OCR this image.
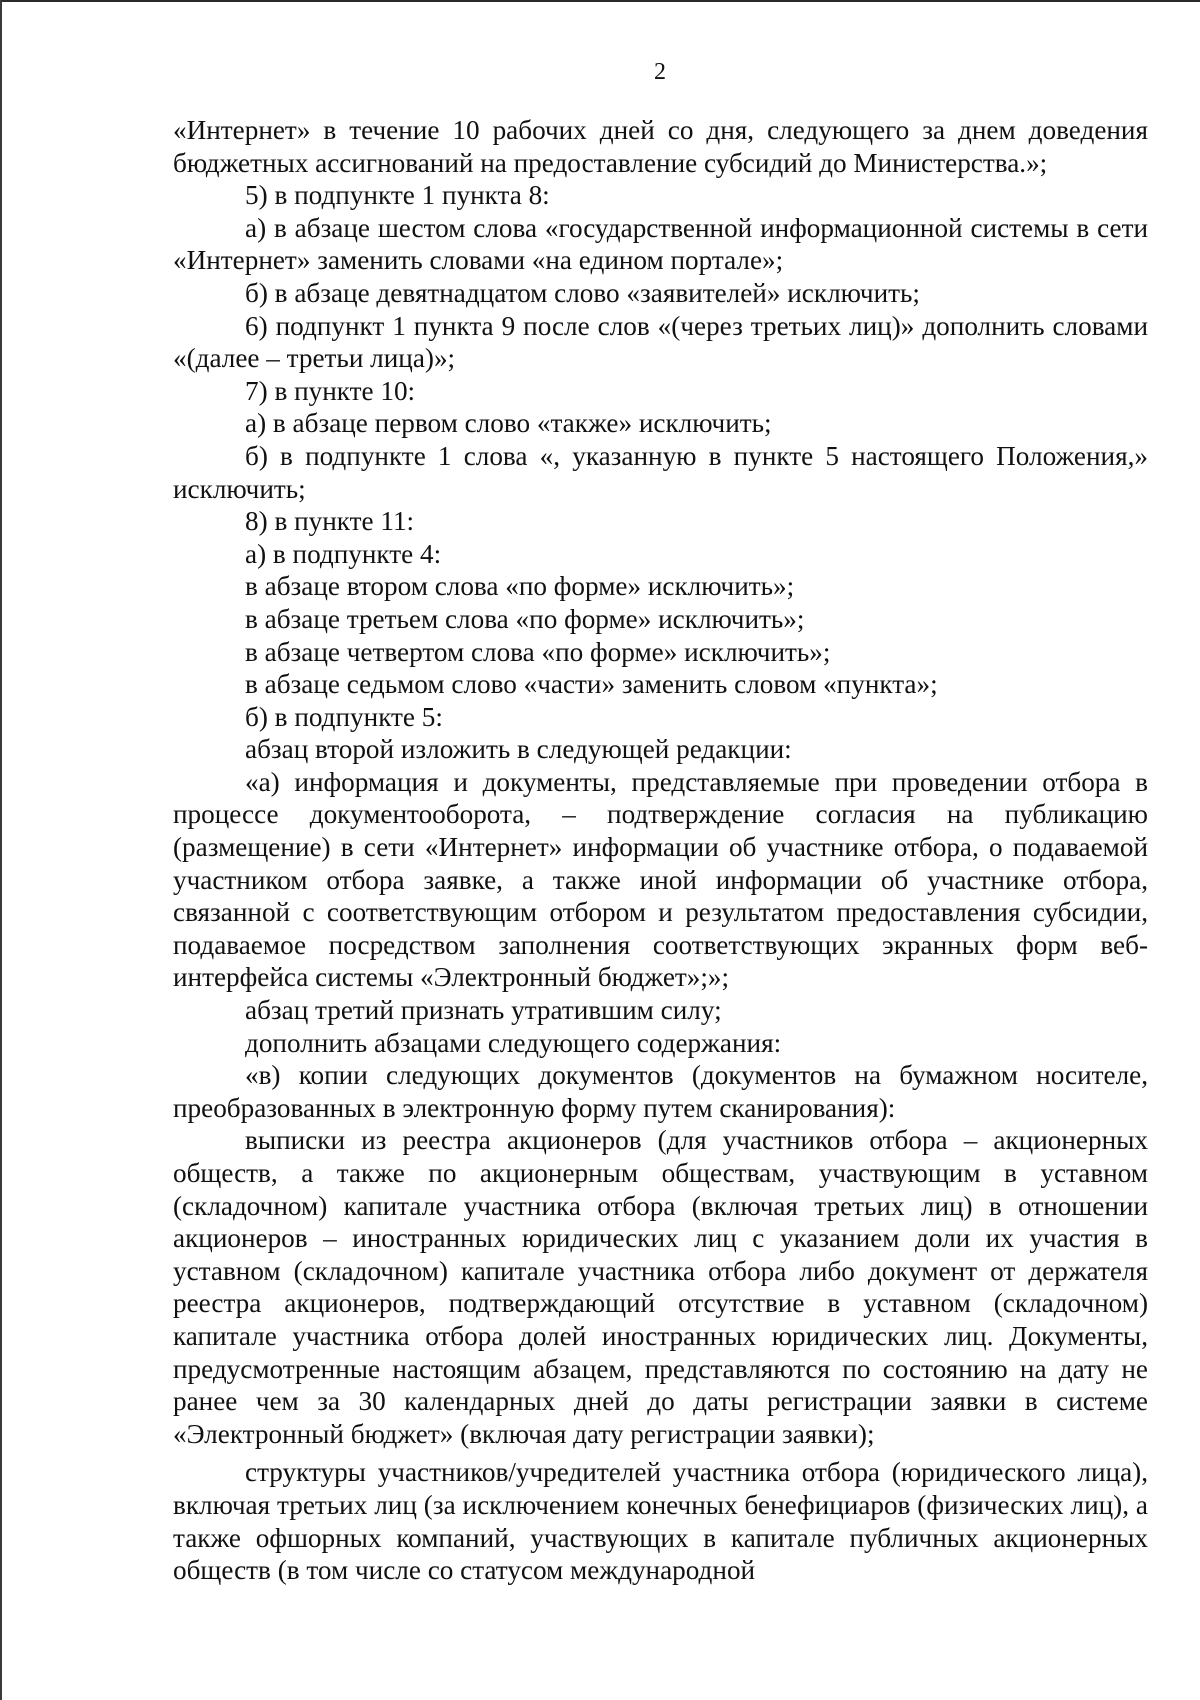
2

«Интернет» в течение 10 рабочих дней со дня, следующего за днем доведения бюджетных ассигнований на предоставление субсидий до Министерства.»;

5) в подпункте 1 пункта 8:

а) в абзаце шестом слова «государственной информационной системы в сети «Интернет» заменить словами «на едином портале»;

б) в абзаце девятнадцатом слово «заявителей» исключить;

6) подпункт 1 пункта 9 после слов «(через третьих лиц)» дополнить словами «(далее – третьи лица)»;

7) в пункте 10:

а) в абзаце первом слово «также» исключить;

б) в подпункте 1 слова «, указанную в пункте 5 настоящего Положения,» исключить;

8) в пункте 11:

а) в подпункте 4:

в абзаце втором слова «по форме» исключить»;

в абзаце третьем слова «по форме» исключить»;

в абзаце четвертом слова «по форме» исключить»;

в абзаце седьмом слово «части» заменить словом «пункта»;

б) в подпункте 5:

абзац второй изложить в следующей редакции:

«а) информация и документы, представляемые при проведении отбора в процессе документооборота, – подтверждение согласия на публикацию (размещение) в сети «Интернет» информации об участнике отбора, о подаваемой участником отбора заявке, а также иной информации об участнике отбора, связанной с соответствующим отбором и результатом предоставления субсидии, подаваемое посредством заполнения соответствующих экранных форм веб-интерфейса системы «Электронный бюджет»;»;

абзац третий признать утратившим силу;

дополнить абзацами следующего содержания:

«в) копии следующих документов (документов на бумажном носителе, преобразованных в электронную форму путем сканирования):

выписки из реестра акционеров (для участников отбора – акционерных обществ, а также по акционерным обществам, участвующим в уставном (складочном) капитале участника отбора (включая третьих лиц) в отношении акционеров – иностранных юридических лиц с указанием доли их участия в уставном (складочном) капитале участника отбора либо документ от держателя реестра акционеров, подтверждающий отсутствие в уставном (складочном) капитале участника отбора долей иностранных юридических лиц. Документы, предусмотренные настоящим абзацем, представляются по состоянию на дату не ранее чем за 30 календарных дней до даты регистрации заявки в системе «Электронный бюджет» (включая дату регистрации заявки);

структуры участников/учредителей участника отбора (юридического лица), включая третьих лиц (за исключением конечных бенефициаров (физических лиц), а также офшорных компаний, участвующих в капитале публичных акционерных обществ (в том числе со статусом международной
